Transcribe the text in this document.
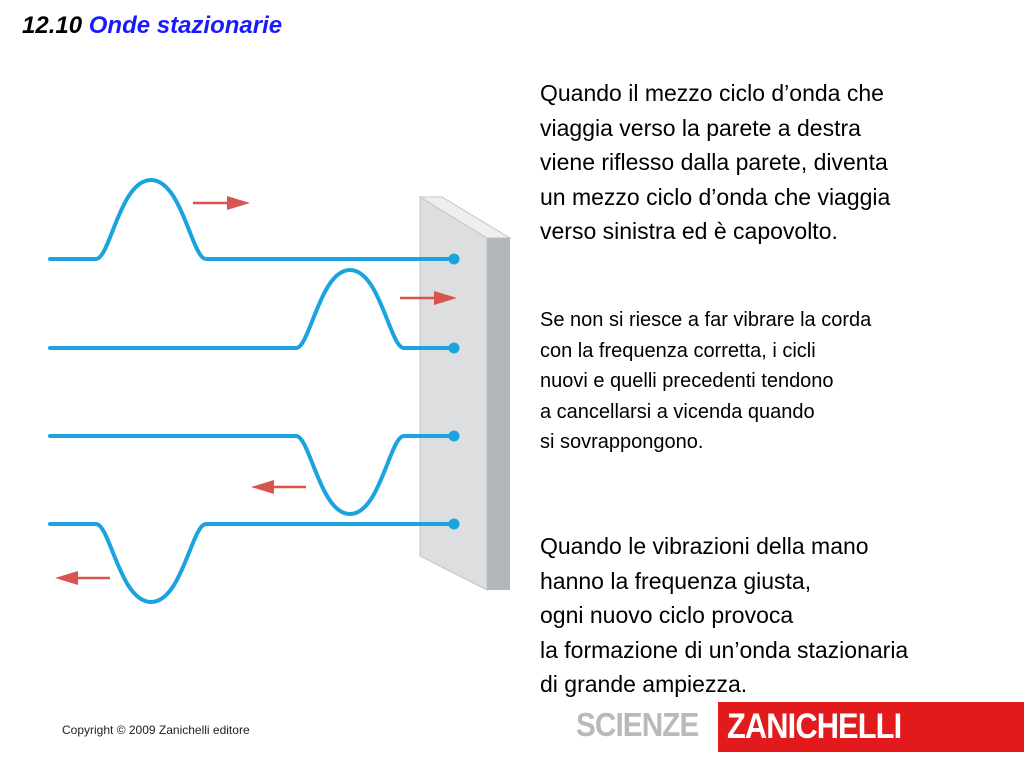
12.10 Onde stazionarie

Quando il mezzo ciclo d’onda che
viaggia verso la parete a destra
viene riflesso dalla parete, diventa
un mezzo ciclo d’onda che viaggia
verso sinistra ed è capovolto.

Se non si riesce a far vibrare la corda
con la frequenza corretta, i cicli
nuovi e quelli precedenti tendono
a cancellarsi a vicenda quando
si sovrappongono.

Quando le vibrazioni della mano
hanno la frequenza giusta,
ogni nuovo ciclo provoca
la formazione di un’onda stazionaria
di grande ampiezza.

Copyright © 2009 Zanichelli editore	SCIENZE ZANICHELLI
